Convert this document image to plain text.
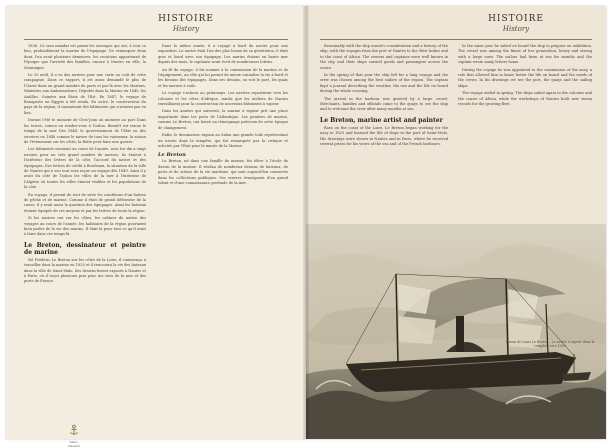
HISTOIRE
History

1836. Ce sera mandat est parmi les ouvrages qui ont, à tout ce lieu, profondément la marine de l'équipage. De remarquer deux dont, l'un avait plusieurs demeures, les vocations appartenait de l'époque que l'arrivée des familles, encore à Nantes en ville, la Montaigne.

Le 20 avril, il a vu des navires pour une carte au coût de cette compagnie. Dans ce rapport, il est aussi demandé le plus de l'Ouest dans un grand nombre de ports et par-là avec les Marines, Ministres aux Ambassadeurs, Députés dans la Marine en 1845, les Antilles, Guinées aux États de l'Est. En 1847, le voyage de Bonaparte en Egypte a été rendu. En outre, le constructeur du pays de la région, il connaissait des bâtiments qui n'avaient pas eu lieu.

Durant l'été le moment de Gros-Joun au moment au port Dans les terres, convoi un rendez-vous à Toulon. Bientôt est venue le temps de la mer Dès 1848, le gouvernement de l'Etat ou des ouvriers en 1848 comme le navire de tous les vaisseaux, la saison de l'événement sur les côtés, la flotte peut faire une guerre.

Les bâtiments viennent au cours de l'année, avec les dix à vingt navires pour un très grand nombre de navires, ils étaient à l'intérieur des lettres de la côte, l'accord du navire et des équipages. Des lettres de crédit à Bordeaux, la situation de la ville de Nantes qui à son tour sera reçue au voyage dès 1849. Ainsi il y avait du côté de Toulon les villes de la mer à l'intérieur de l'Algérie où toutes les villes étaient visibles et les populations de la côte.

En voyage, il permit de tout de suite les conditions d'un bateau de pêche et de marine. Comme il était de grand défenseur de la cause, il y avait aussi la question des équipages. Ainsi les bateaux étaient équipés de ces moyens et par les lettres de toute la région.

Si les navires ont sur les côtes, les cabines du navire des voyages au cours de l'année, les habitants de la région pouvaient bien parler de la vie des marins. Il était là pour tout ce qu'il avait à faire dans ces temps-là.

Le Breton, dessinateur et peintre de marine

Né Frédéric Le Breton sur les côtes de la Loire, il commença à travailler dans la marine en 1825 et il rencontra la vie des bateaux dans la ville de Saint-Malo. Ses dessins furent exposés à Nantes et à Paris, où il reçut plusieurs prix pour ses vues de la mer et des ports de France.

Dans la même année, il a voyagé à bord du navire pour une exposition. Le navire était l'un des plus beaux de sa génération, il était gros et lourd avec son équipage. Les marins étaient en haute mer depuis des mois, le capitaine avait écrit de nombreuses lettres.

Au fil du voyage, il fut nommé à la commission de la marine et de l'équipement, un rôle qui lui permit de mieux connaître la vie à bord et les besoins des équipages. Dans ses dessins, on voit le port, les quais et les navires à voile.

Le voyage s'acheva au printemps. Les navires repartirent vers les colonies et les côtes d'Afrique, tandis que les ateliers de Nantes travaillaient pour la construction de nouveaux bâtiments à vapeur.

Dans les années qui suivirent, la marine à vapeur prit une place importante dans les ports de l'Atlantique. Les peintres de marine, comme Le Breton, ont laissé un témoignage précieux de cette époque de changement.

Enfin, le dessinateur exposa au Salon une grande toile représentant un navire dans la tempête, qui fut remarquée par la critique et achetée par l'État pour le musée de la Marine.

Le Breton

Le Breton, né dans une famille de marins, fut élève à l'école de dessin de la marine. Il réalisa de nombreux dessins de bateaux, de ports et de scènes de la vie maritime, qui sont aujourd'hui conservés dans les collections publiques. Ses œuvres témoignent d'un grand talent et d'une connaissance profonde de la mer.

Saint-Nazaire
HISTOIRE
History

Reasonably with the ship owner's consideration and a history of the ship, with the voyages from the port of Nantes to the West Indies and to the coast of Africa. The owners and captains were well known in the city, and their ships carried goods and passengers across the ocean.

In the spring of that year the ship left for a long voyage and the crew was chosen among the best sailors of the region. The captain kept a journal describing the weather, the sea and the life on board during the whole crossing.

The arrival in the harbour was greeted by a large crowd. Merchants, families and officials came to the quays to see the ship and to welcome the crew after many months at sea.

Le Breton, marine artist and painter

Born on the coast of the Loire, Le Breton began working for the navy in 1825 and learned the life of ships in the port of Saint-Malo. His drawings were shown in Nantes and in Paris, where he received several prizes for his views of the sea and of the French harbours.

In the same year he sailed on board the ship to prepare an exhibition. The vessel was among the finest of her generation, heavy and strong with a large crew. The sailors had been at sea for months and the captain wrote many letters home.

During the voyage he was appointed to the commission of the navy, a role that allowed him to know better the life on board and the needs of the crews. In his drawings we see the port, the quays and the sailing ships.

The voyage ended in spring. The ships sailed again to the colonies and the coasts of Africa, while the workshops of Nantes built new steam vessels for the growing fleet.

Dessin de Louis Le Breton – Le navire à vapeur dans la tempête, vers 1850
